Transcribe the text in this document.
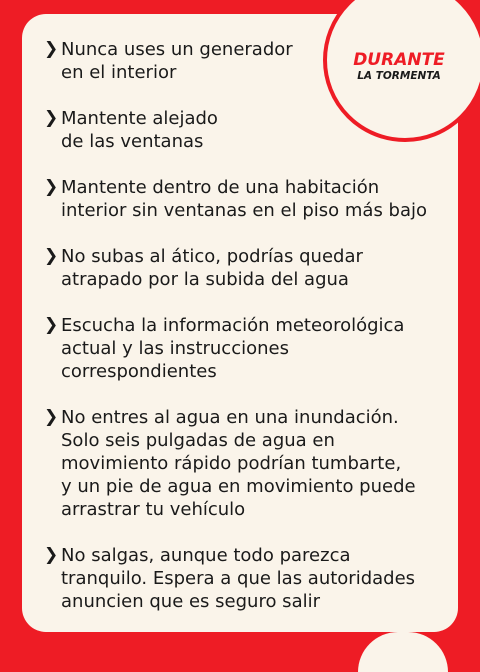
DURANTE
LA TORMENTA
❯ Nunca uses un generador
en el interior
❯ Mantente alejado
de las ventanas
❯ Mantente dentro de una habitación
interior sin ventanas en el piso más bajo
❯ No subas al ático, podrías quedar
atrapado por la subida del agua
❯ Escucha la información meteorológica
actual y las instrucciones
correspondientes
❯ No entres al agua en una inundación.
Solo seis pulgadas de agua en
movimiento rápido podrían tumbarte,
y un pie de agua en movimiento puede
arrastrar tu vehículo
❯ No salgas, aunque todo parezca
tranquilo. Espera a que las autoridades
anuncien que es seguro salir
